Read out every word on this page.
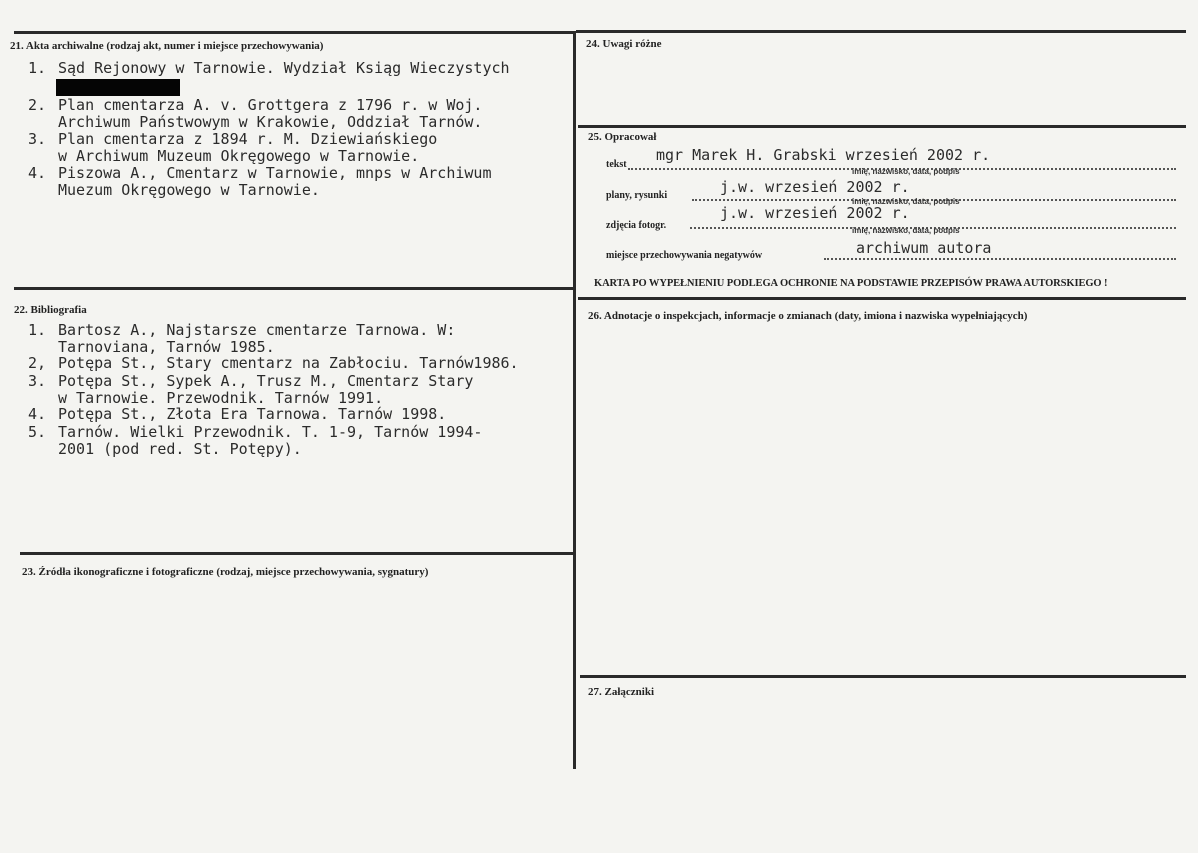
21. Akta archiwalne (rodzaj akt, numer i miejsce przechowywania)
1. Sąd Rejonowy w Tarnowie. Wydział Ksiąg Wieczystych
2. Plan cmentarza A. v. Grottgera z 1796 r. w Woj.
Archiwum Państwowym w Krakowie, Oddział Tarnów.
3. Plan cmentarza z 1894 r. M. Dziewiańskiego
w Archiwum Muzeum Okręgowego w Tarnowie.
4. Piszowa A., Cmentarz w Tarnowie, mnps w Archiwum
Muezum Okręgowego w Tarnowie.
22. Bibliografia
1. Bartosz A., Najstarsze cmentarze Tarnowa. W:
Tarnoviana, Tarnów 1985.
2, Potępa St., Stary cmentarz na Zabłociu. Tarnów1986.
3. Potępa St., Sypek A., Trusz M., Cmentarz Stary
w Tarnowie. Przewodnik. Tarnów 1991.
4. Potępa St., Złota Era Tarnowa. Tarnów 1998.
5. Tarnów. Wielki Przewodnik. T. 1-9, Tarnów 1994-
2001 (pod red. St. Potępy).
23. Źródła ikonograficzne i fotograficzne (rodzaj, miejsce przechowywania, sygnatury)
24. Uwagi różne
25. Opracował
tekst
mgr Marek H. Grabski wrzesień 2002 r.
imię, nazwisko, data, podpis
plany, rysunki	j.w. wrzesień 2002 r.
imię, nazwisko, data, podpis
zdjęcia fotogr.
j.w. wrzesień 2002 r.
imię, nazwisko, data, podpis
miejsce przechowywania negatywów	archiwum autora
KARTA PO WYPEŁNIENIU PODLEGA OCHRONIE NA PODSTAWIE PRZEPISÓW PRAWA AUTORSKIEGO !
26. Adnotacje o inspekcjach, informacje o zmianach (daty, imiona i nazwiska wypełniających)
27. Załączniki
